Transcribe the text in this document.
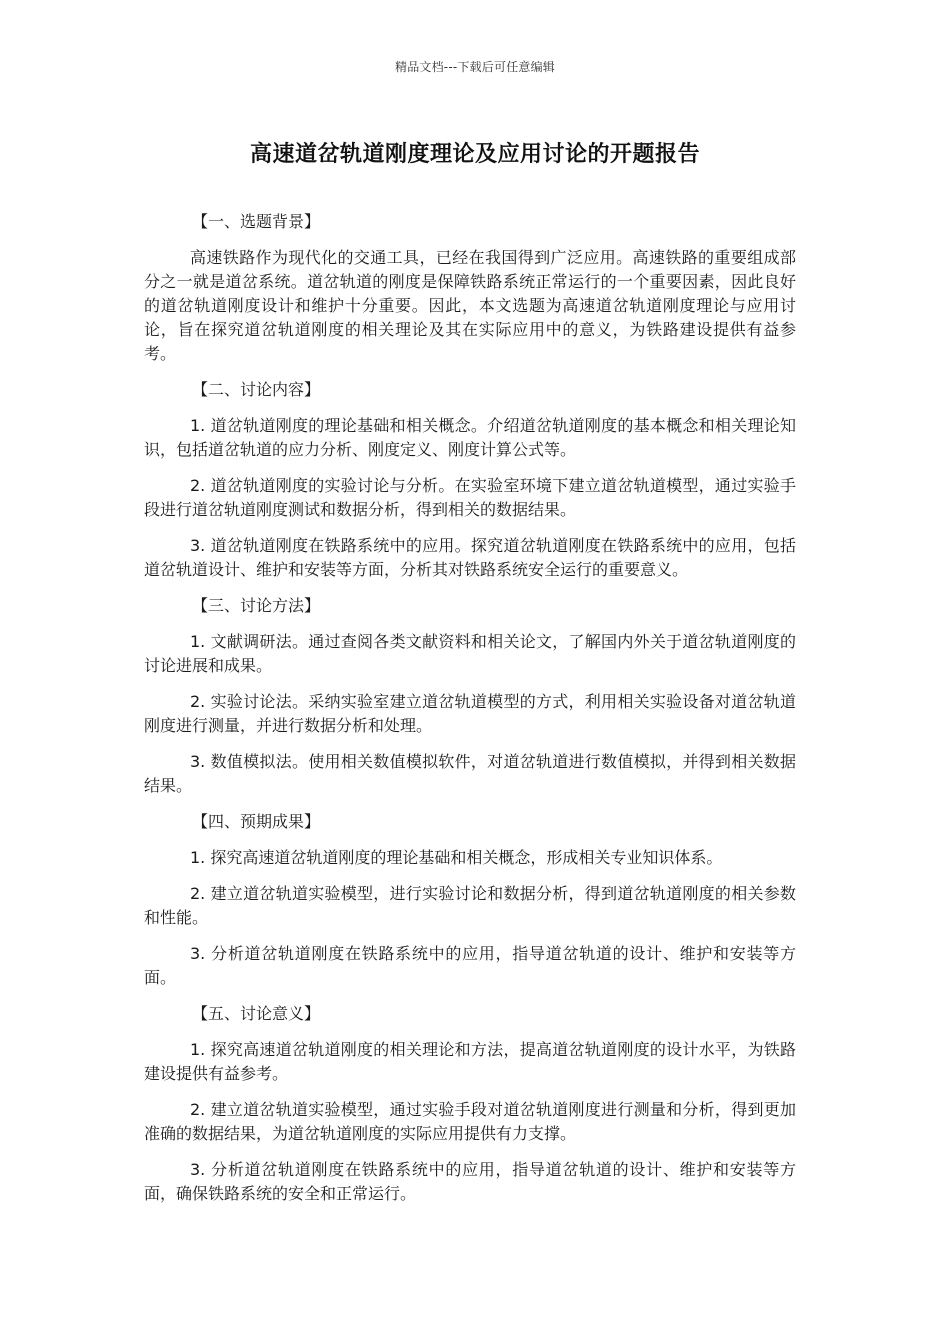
精品文档---下载后可任意编辑
高速道岔轨道刚度理论及应用讨论的开题报告

【一、选题背景】

高速铁路作为现代化的交通工具，已经在我国得到广泛应用。高速铁路的重要组成部分之一就是道岔系统。道岔轨道的刚度是保障铁路系统正常运行的一个重要因素，因此良好的道岔轨道刚度设计和维护十分重要。因此，本文选题为高速道岔轨道刚度理论与应用讨论，旨在探究道岔轨道刚度的相关理论及其在实际应用中的意义，为铁路建设提供有益参考。

【二、讨论内容】

1. 道岔轨道刚度的理论基础和相关概念。介绍道岔轨道刚度的基本概念和相关理论知识，包括道岔轨道的应力分析、刚度定义、刚度计算公式等。

2. 道岔轨道刚度的实验讨论与分析。在实验室环境下建立道岔轨道模型，通过实验手段进行道岔轨道刚度测试和数据分析，得到相关的数据结果。

3. 道岔轨道刚度在铁路系统中的应用。探究道岔轨道刚度在铁路系统中的应用，包括道岔轨道设计、维护和安装等方面，分析其对铁路系统安全运行的重要意义。

【三、讨论方法】

1. 文献调研法。通过查阅各类文献资料和相关论文，了解国内外关于道岔轨道刚度的讨论进展和成果。

2. 实验讨论法。采纳实验室建立道岔轨道模型的方式，利用相关实验设备对道岔轨道刚度进行测量，并进行数据分析和处理。

3. 数值模拟法。使用相关数值模拟软件，对道岔轨道进行数值模拟，并得到相关数据结果。

【四、预期成果】

1. 探究高速道岔轨道刚度的理论基础和相关概念，形成相关专业知识体系。

2. 建立道岔轨道实验模型，进行实验讨论和数据分析，得到道岔轨道刚度的相关参数和性能。

3. 分析道岔轨道刚度在铁路系统中的应用，指导道岔轨道的设计、维护和安装等方面。

【五、讨论意义】

1. 探究高速道岔轨道刚度的相关理论和方法，提高道岔轨道刚度的设计水平，为铁路建设提供有益参考。

2. 建立道岔轨道实验模型，通过实验手段对道岔轨道刚度进行测量和分析，得到更加准确的数据结果，为道岔轨道刚度的实际应用提供有力支撑。

3. 分析道岔轨道刚度在铁路系统中的应用，指导道岔轨道的设计、维护和安装等方面，确保铁路系统的安全和正常运行。
